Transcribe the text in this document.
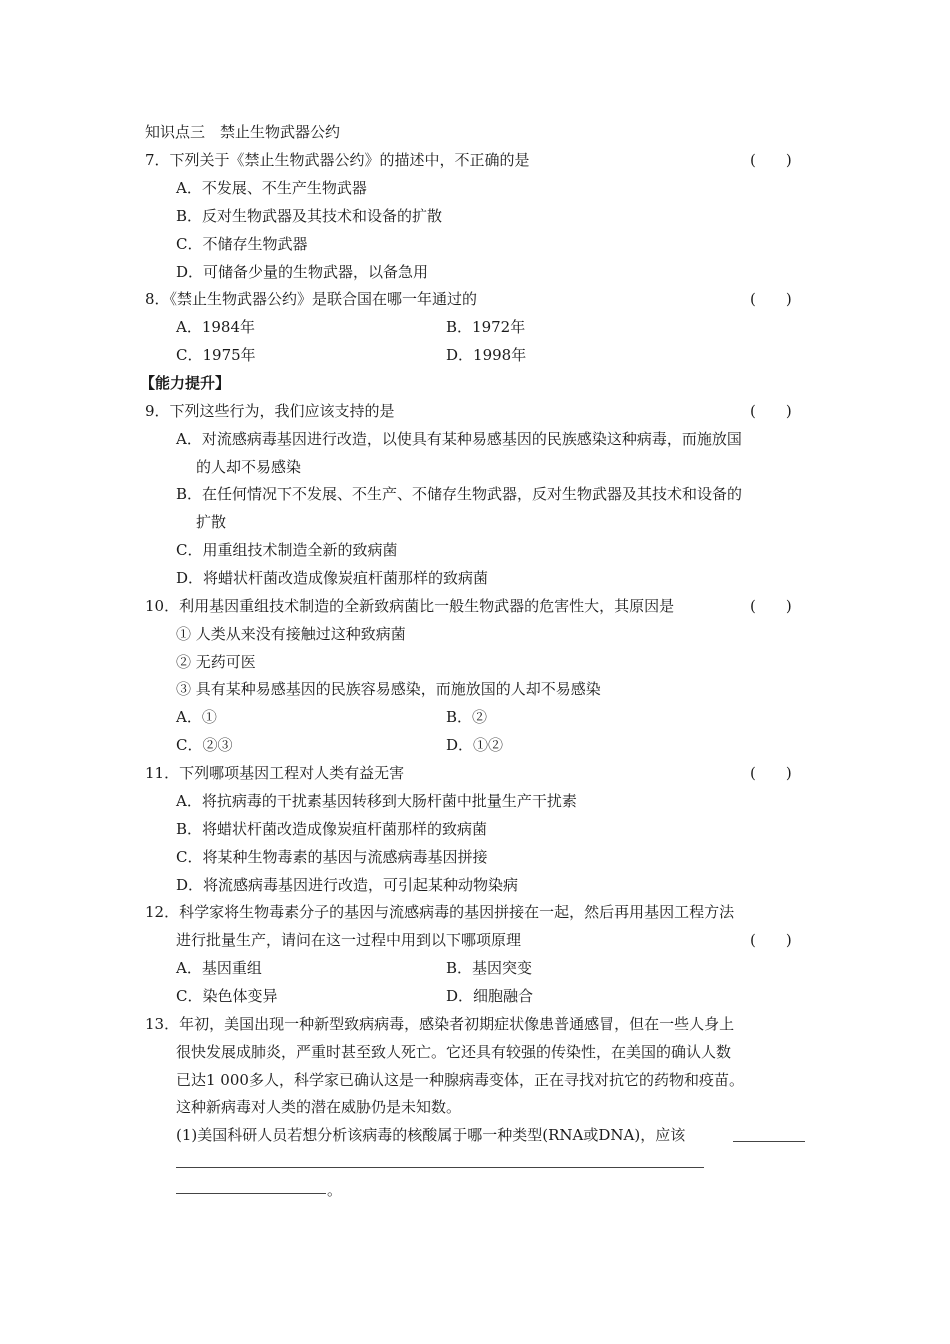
知识点三　禁止生物武器公约
7．下列关于《禁止生物武器公约》的描述中，不正确的是	(　　)
A．不发展、不生产生物武器
B．反对生物武器及其技术和设备的扩散
C．不储存生物武器
D．可储备少量的生物武器，以备急用
8．《禁止生物武器公约》是联合国在哪一年通过的	(　　)
A．1984年	B．1972年
C．1975年	D．1998年
【能力提升】
9．下列这些行为，我们应该支持的是	(　　)
A．对流感病毒基因进行改造，以使具有某种易感基因的民族感染这种病毒，而施放国
的人却不易感染
B．在任何情况下不发展、不生产、不储存生物武器，反对生物武器及其技术和设备的
扩散
C．用重组技术制造全新的致病菌
D．将蜡状杆菌改造成像炭疽杆菌那样的致病菌
10．利用基因重组技术制造的全新致病菌比一般生物武器的危害性大，其原因是	(　　)
① 人类从来没有接触过这种致病菌
② 无药可医
③ 具有某种易感基因的民族容易感染，而施放国的人却不易感染
A．①	B．②
C．②③	D．①②
11．下列哪项基因工程对人类有益无害	(　　)
A．将抗病毒的干扰素基因转移到大肠杆菌中批量生产干扰素
B．将蜡状杆菌改造成像炭疽杆菌那样的致病菌
C．将某种生物毒素的基因与流感病毒基因拼接
D．将流感病毒基因进行改造，可引起某种动物染病
12．科学家将生物毒素分子的基因与流感病毒的基因拼接在一起，然后再用基因工程方法
进行批量生产，请问在这一过程中用到以下哪项原理	(　　)
A．基因重组	B．基因突变
C．染色体变异	D．细胞融合
13．年初，美国出现一种新型致病病毒，感染者初期症状像患普通感冒，但在一些人身上
很快发展成肺炎，严重时甚至致人死亡。它还具有较强的传染性，在美国的确认人数
已达1 000多人，科学家已确认这是一种腺病毒变体，正在寻找对抗它的药物和疫苗。
这种新病毒对人类的潜在威胁仍是未知数。
(1)美国科研人员若想分析该病毒的核酸属于哪一种类型(RNA或DNA)，应该
。
